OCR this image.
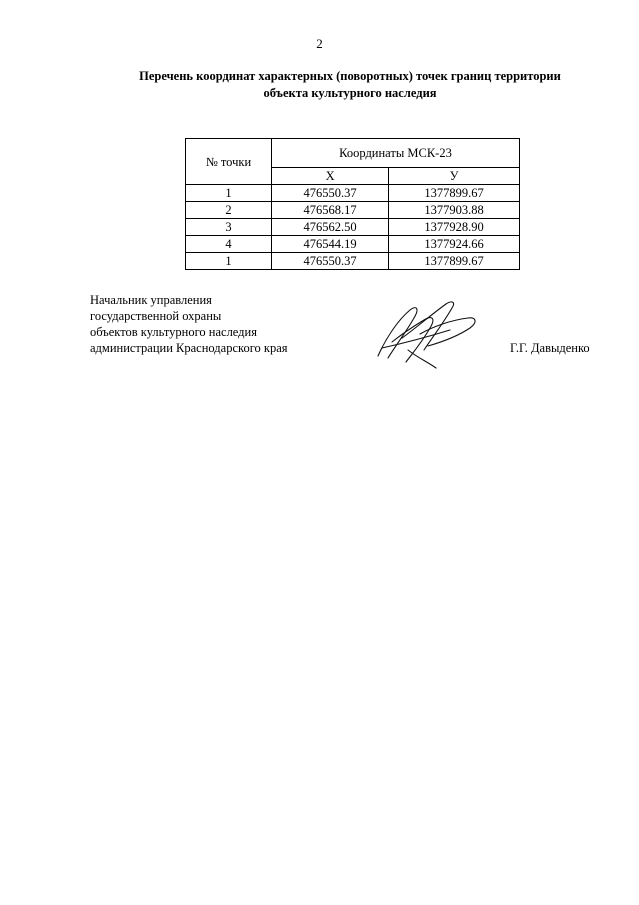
2
Перечень координат характерных (поворотных) точек границ территории
объекта культурного наследия
№ точки	Координаты МСК-23	
	X	У
1	476550.37	1377899.67
2	476568.17	1377903.88
3	476562.50	1377928.90
4	476544.19	1377924.66
1	476550.37	1377899.67
Начальник управления
государственной охраны
объектов культурного наследия
администрации Краснодарского края	Г.Г. Давыденко
